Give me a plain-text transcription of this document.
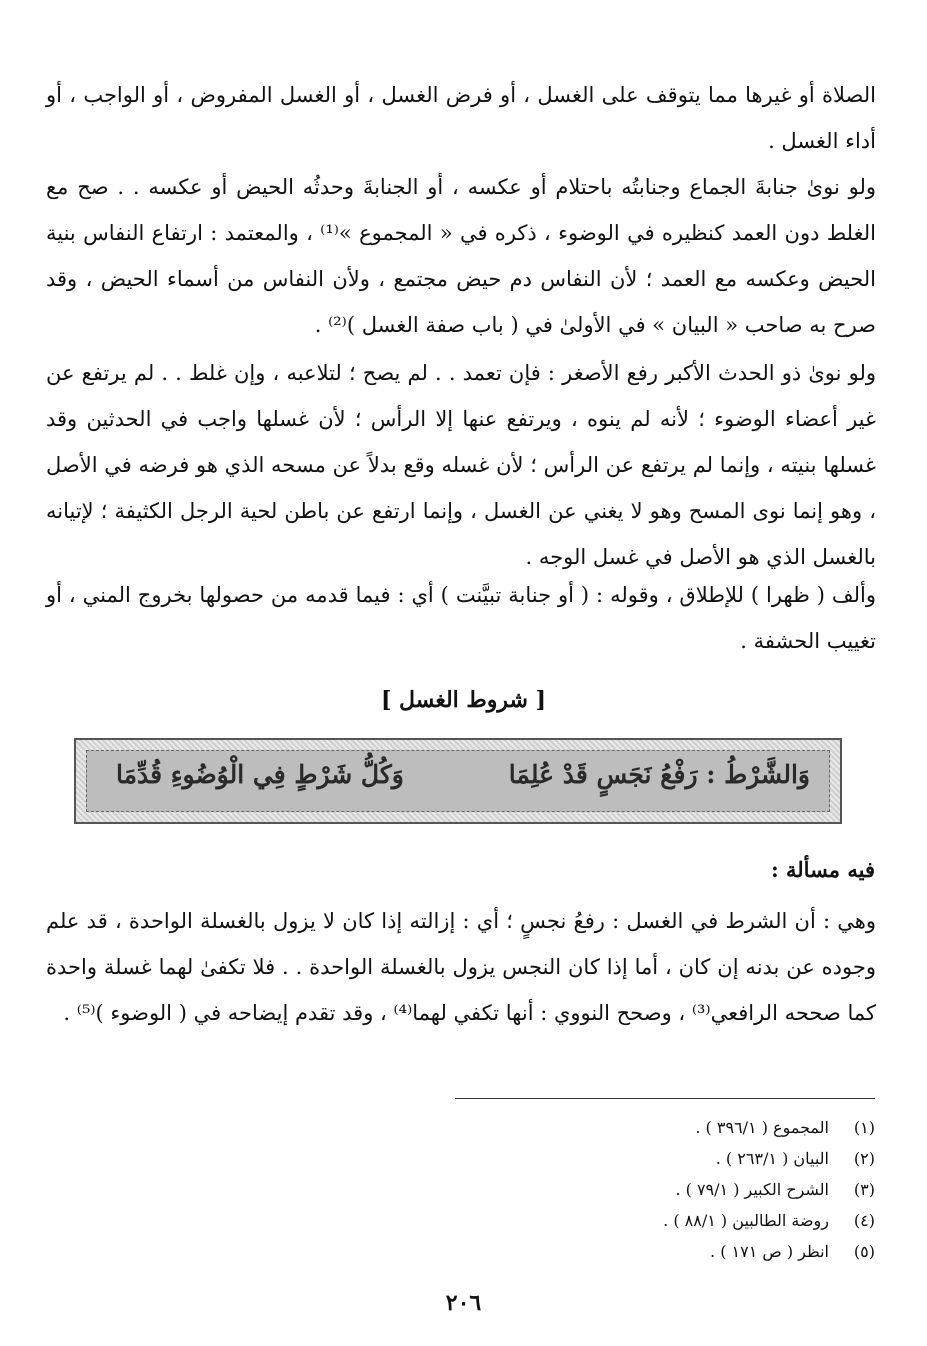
الصلاة أو غيرها مما يتوقف على الغسل ، أو فرض الغسل ، أو الغسل المفروض ، أو الواجب ، أو أداء الغسل .

ولو نوىٰ جنابةَ الجماع وجنابتُه باحتلام أو عكسه ، أو الجنابةَ وحدثُه الحيض أو عكسه . . صح مع الغلط دون العمد كنظيره في الوضوء ، ذكره في « المجموع »⁽¹⁾ ، والمعتمد : ارتفاع النفاس بنية الحيض وعكسه مع العمد ؛ لأن النفاس دم حيض مجتمع ، ولأن النفاس من أسماء الحيض ، وقد صرح به صاحب « البيان » في الأولىٰ في ( باب صفة الغسل )⁽²⁾ .

ولو نوىٰ ذو الحدث الأكبر رفع الأصغر : فإن تعمد . . لم يصح ؛ لتلاعبه ، وإن غلط . . لم يرتفع عن غير أعضاء الوضوء ؛ لأنه لم ينوه ، ويرتفع عنها إلا الرأس ؛ لأن غسلها واجب في الحدثين وقد غسلها بنيته ، وإنما لم يرتفع عن الرأس ؛ لأن غسله وقع بدلاً عن مسحه الذي هو فرضه في الأصل ، وهو إنما نوى المسح وهو لا يغني عن الغسل ، وإنما ارتفع عن باطن لحية الرجل الكثيفة ؛ لإتيانه بالغسل الذي هو الأصل في غسل الوجه .

وألف ( ظهرا ) للإطلاق ، وقوله : ( أو جنابة تبيَّنت ) أي : فيما قدمه من حصولها بخروج المني ، أو تغييب الحشفة .

[ شروط الغسل ]
وَالشَّرْطُ : رَفْعُ نَجَسٍ قَدْ عُلِمَا
وَكُلُّ شَرْطٍ فِي الْوُضُوءِ قُدِّمَا
فيه مسألة :

وهي : أن الشرط في الغسل : رفعُ نجسٍ ؛ أي : إزالته إذا كان لا يزول بالغسلة الواحدة ، قد علم وجوده عن بدنه إن كان ، أما إذا كان النجس يزول بالغسلة الواحدة . . فلا تكفىٰ لهما غسلة واحدة كما صححه الرافعي⁽³⁾ ، وصحح النووي : أنها تكفي لهما⁽⁴⁾ ، وقد تقدم إيضاحه في ( الوضوء )⁽⁵⁾ .

(١)
المجموع ( ٣٩٦/١ ) .
(٢)
البيان ( ٢٦٣/١ ) .
(٣)
الشرح الكبير ( ٧٩/١ ) .
(٤)
روضة الطالبين ( ٨٨/١ ) .
(٥)
انظر ( ص ١٧١ ) .
٢٠٦
